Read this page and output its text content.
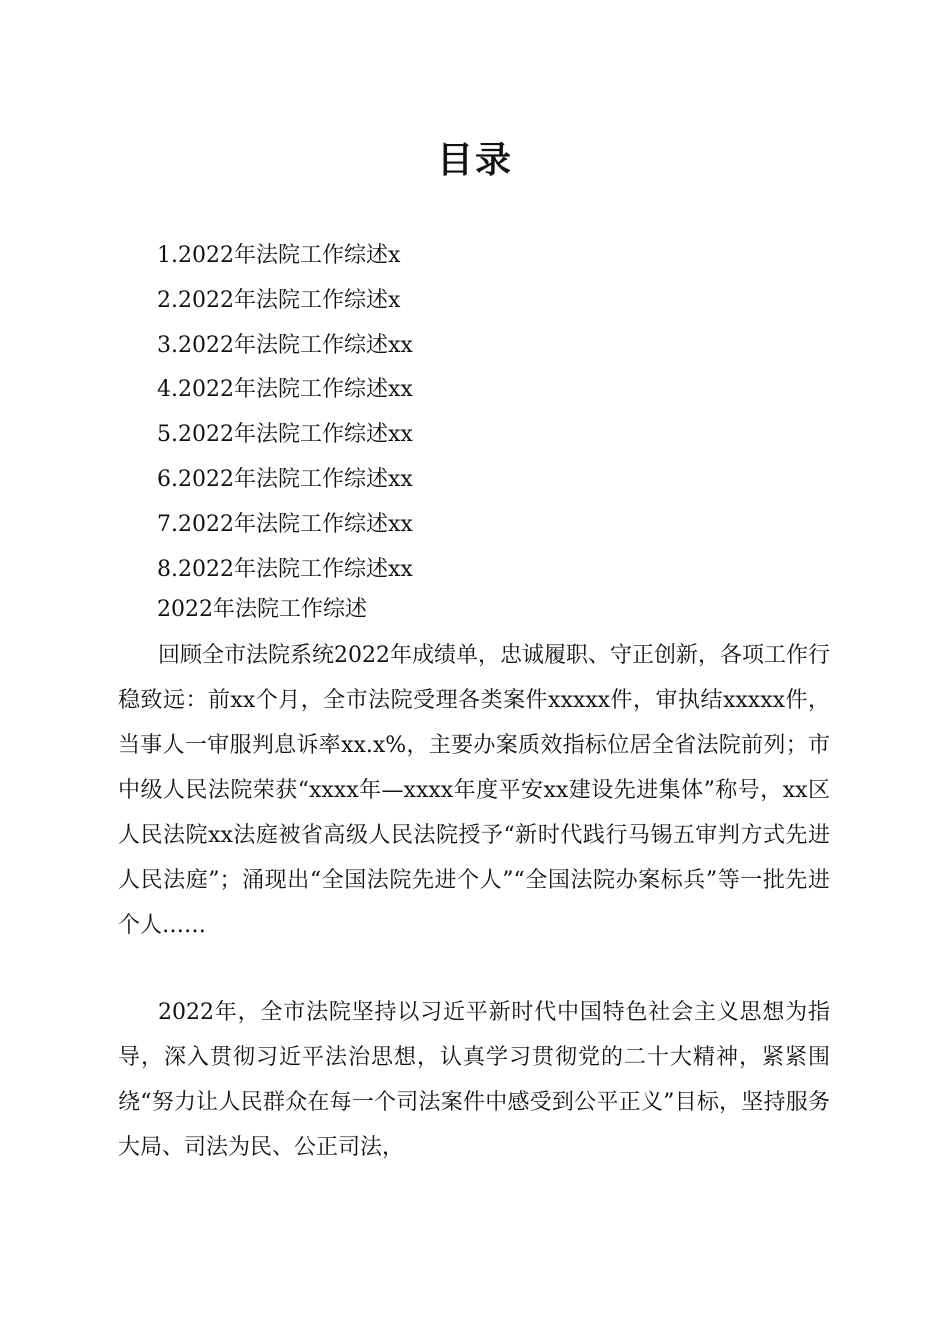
目录
1.2022年法院工作综述x
2.2022年法院工作综述x
3.2022年法院工作综述xx
4.2022年法院工作综述xx
5.2022年法院工作综述xx
6.2022年法院工作综述xx
7.2022年法院工作综述xx
8.2022年法院工作综述xx
2022年法院工作综述

回顾全市法院系统2022年成绩单，忠诚履职、守正创新，各项工作行稳致远：前xx个月，全市法院受理各类案件xxxxx件，审执结xxxxx件，当事人一审服判息诉率xx.x%，主要办案质效指标位居全省法院前列；市中级人民法院荣获“xxxx年—xxxx年度平安xx建设先进集体”称号，xx区人民法院xx法庭被省高级人民法院授予“新时代践行马锡五审判方式先进人民法庭”；涌现出“全国法院先进个人”“全国法院办案标兵”等一批先进个人……

2022年，全市法院坚持以习近平新时代中国特色社会主义思想为指导，深入贯彻习近平法治思想，认真学习贯彻党的二十大精神，紧紧围绕“努力让人民群众在每一个司法案件中感受到公平正义”目标，坚持服务大局、司法为民、公正司法，
